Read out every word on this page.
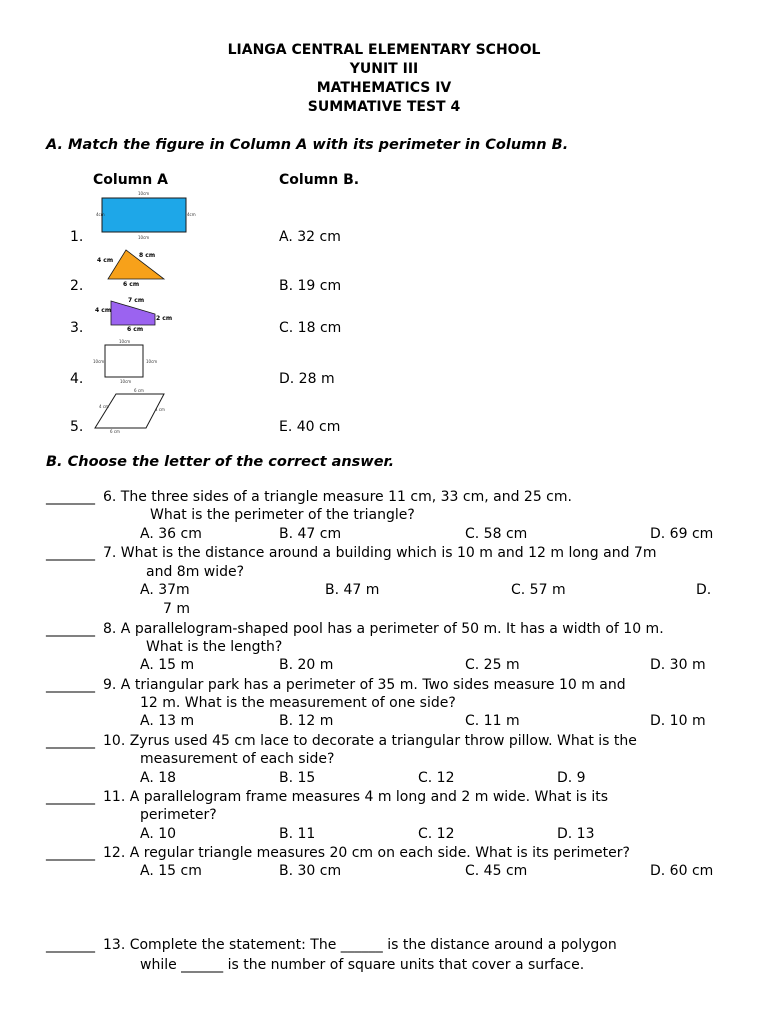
LIANGA CENTRAL ELEMENTARY SCHOOL
YUNIT III
MATHEMATICS IV
SUMMATIVE TEST 4
A. Match the figure in Column A with its perimeter in Column B.
Column A	Column B.
1.	A. 32 cm
2.	B. 19 cm
3.	C. 18 cm
4.	D. 28 m
5.	E. 40 cm
10cm
10cm
4cm	4cm
4 cm
8 cm
6 cm
4 cm
7 cm
2 cm
6 cm
10cm
10cm
10cm	10cm
6 cm
6 cm
4 cm
4 cm
B. Choose the letter of the correct answer.
_______ 6. The three sides of a triangle measure 11 cm, 33 cm, and 25 cm.
What is the perimeter of the triangle?
A. 36 cm	B. 47 cm	C. 58 cm	D. 69 cm
_______ 7. What is the distance around a building which is 10 m and 12 m long and 7m
and 8m wide?
A. 37m	B. 47 m	C. 57 m	D.
7 m
_______ 8. A parallelogram-shaped pool has a perimeter of 50 m. It has a width of 10 m.
What is the length?
A. 15 m	B. 20 m	C. 25 m	D. 30 m
_______ 9. A triangular park has a perimeter of 35 m. Two sides measure 10 m and
12 m. What is the measurement of one side?
A. 13 m	B. 12 m	C. 11 m	D. 10 m
_______ 10. Zyrus used 45 cm lace to decorate a triangular throw pillow. What is the
measurement of each side?
A. 18	B. 15	C. 12	D. 9
_______ 11. A parallelogram frame measures 4 m long and 2 m wide. What is its
perimeter?
A. 10	B. 11	C. 12	D. 13
_______ 12. A regular triangle measures 20 cm on each side. What is its perimeter?
A. 15 cm	B. 30 cm	C. 45 cm	D. 60 cm
_______ 13. Complete the statement: The ______ is the distance around a polygon
while ______ is the number of square units that cover a surface.
